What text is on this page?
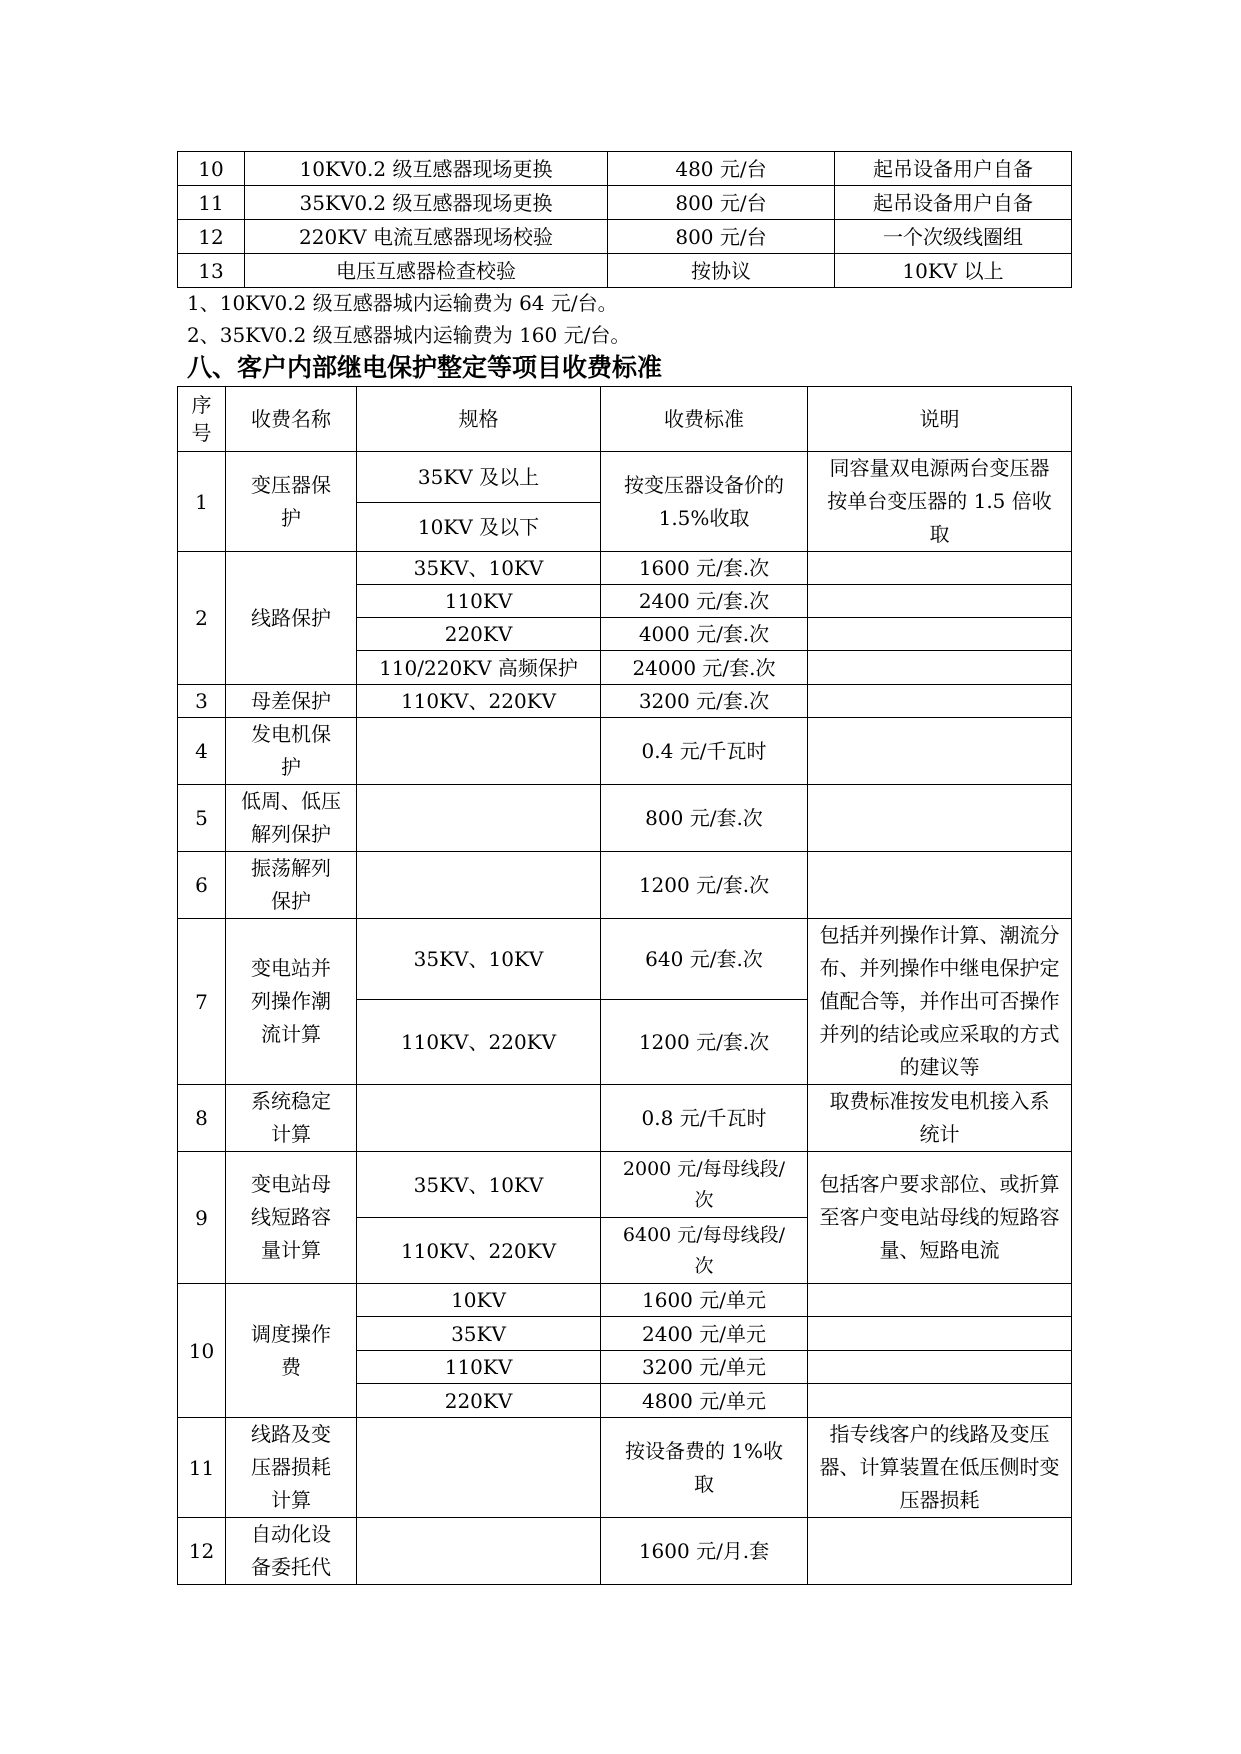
10	10KV0.2 级互感器现场更换	480 元/台	起吊设备用户自备
11	35KV0.2 级互感器现场更换	800 元/台	起吊设备用户自备
12	220KV 电流互感器现场校验	800 元/台	一个次级线圈组
13	电压互感器检查校验	按协议	10KV 以上
1、10KV0.2 级互感器城内运输费为 64 元/台。
2、35KV0.2 级互感器城内运输费为 160 元/台。
八、客户内部继电保护整定等项目收费标准
序号	收费名称	规格	收费标准	说明
1	变压器保护	35KV 及以上	按变压器设备价的 1.5%收取	同容量双电源两台变压器按单台变压器的 1.5 倍收取
		10KV 及以下		
2	线路保护	35KV、10KV	1600 元/套.次	
		110KV	2400 元/套.次	
		220KV	4000 元/套.次	
		110/220KV 高频保护	24000 元/套.次	
3	母差保护	110KV、220KV	3200 元/套.次	
4	发电机保护		0.4 元/千瓦时	
5	低周、低压解列保护		800 元/套.次	
6	振荡解列保护		1200 元/套.次	
7	变电站并列操作潮流计算	35KV、10KV	640 元/套.次	包括并列操作计算、潮流分布、并列操作中继电保护定值配合等，并作出可否操作并列的结论或应采取的方式的建议等
		110KV、220KV	1200 元/套.次	
8	系统稳定计算		0.8 元/千瓦时	取费标准按发电机接入系统计
9	变电站母线短路容量计算	35KV、10KV	2000 元/每母线段/次	包括客户要求部位、或折算至客户变电站母线的短路容量、短路电流
		110KV、220KV	6400 元/每母线段/次	
10	调度操作费	10KV	1600 元/单元	
		35KV	2400 元/单元	
		110KV	3200 元/单元	
		220KV	4800 元/单元	
11	线路及变压器损耗计算		按设备费的 1%收取	指专线客户的线路及变压器、计算装置在低压侧时变压器损耗
12	自动化设备委托代		1600 元/月.套	
